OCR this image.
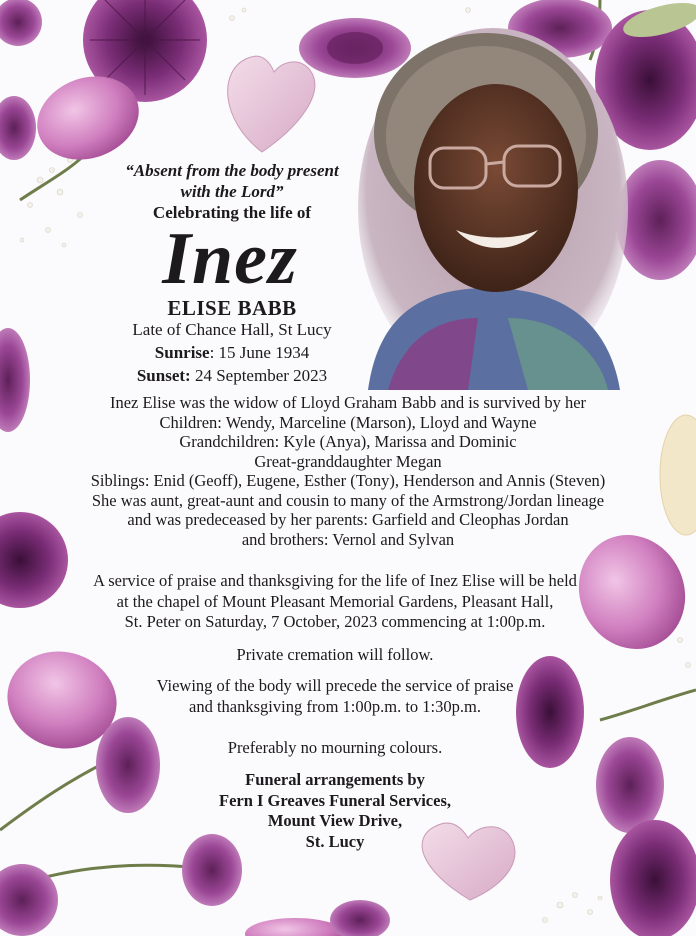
“Absent from the body present
with the Lord”
Celebrating the life of
Inez
ELISE BABB
Late of Chance Hall, St Lucy
Sunrise: 15 June 1934
Sunset: 24 September 2023
Inez Elise was the widow of Lloyd Graham Babb and is survived by her
Children: Wendy, Marceline (Marson), Lloyd and Wayne
Grandchildren: Kyle (Anya), Marissa and Dominic
Great-granddaughter Megan
Siblings: Enid (Geoff), Eugene, Esther (Tony), Henderson and Annis (Steven)
She was aunt, great-aunt and cousin to many of the Armstrong/Jordan lineage
and was predeceased by her parents: Garfield and Cleophas Jordan
and brothers: Vernol and Sylvan
A service of praise and thanksgiving for the life of Inez Elise will be held
at the chapel of Mount Pleasant Memorial Gardens, Pleasant Hall,
St. Peter on Saturday, 7 October, 2023 commencing at 1:00p.m.
Private cremation will follow.
Viewing of the body will precede the service of praise
and thanksgiving from 1:00p.m. to 1:30p.m.
Preferably no mourning colours.
Funeral arrangements by
Fern I Greaves Funeral Services,
Mount View Drive,
St. Lucy
